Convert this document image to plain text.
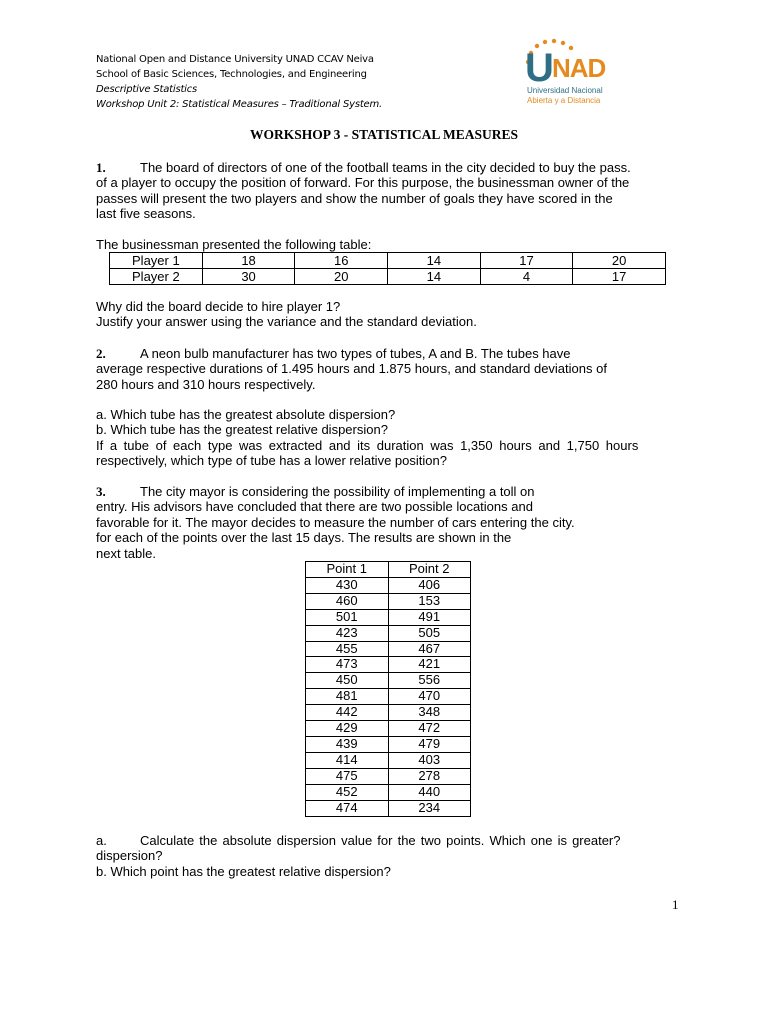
National Open and Distance University UNAD CCAV Neiva
School of Basic Sciences, Technologies, and Engineering
Descriptive Statistics
Workshop Unit 2: Statistical Measures – Traditional System.
U
NAD
Universidad Nacional
Abierta y a Distancia
WORKSHOP 3 - STATISTICAL MEASURES
1.	The board of directors of one of the football teams in the city decided to buy the pass.
of a player to occupy the position of forward. For this purpose, the businessman owner of the
passes will present the two players and show the number of goals they have scored in the
last five seasons.
The businessman presented the following table:
Player 1	18	16	14	17	20
Player 2	30	20	14	4	17
Why did the board decide to hire player 1?
Justify your answer using the variance and the standard deviation.
2.	A neon bulb manufacturer has two types of tubes, A and B. The tubes have
average respective durations of 1.495 hours and 1.875 hours, and standard deviations of
280 hours and 310 hours respectively.
a. Which tube has the greatest absolute dispersion?
b. Which tube has the greatest relative dispersion?
If a tube of each type was extracted and its duration was 1,350 hours and 1,750 hours
respectively, which type of tube has a lower relative position?
3.	The city mayor is considering the possibility of implementing a toll on
entry. His advisors have concluded that there are two possible locations and
favorable for it. The mayor decides to measure the number of cars entering the city.
for each of the points over the last 15 days. The results are shown in the
next table.
Point 1	Point 2
430	406
460	153
501	491
423	505
455	467
473	421
450	556
481	470
442	348
429	472
439	479
414	403
475	278
452	440
474	234
a.	Calculate the absolute dispersion value for the two points. Which one is greater?
dispersion?
b. Which point has the greatest relative dispersion?
1
